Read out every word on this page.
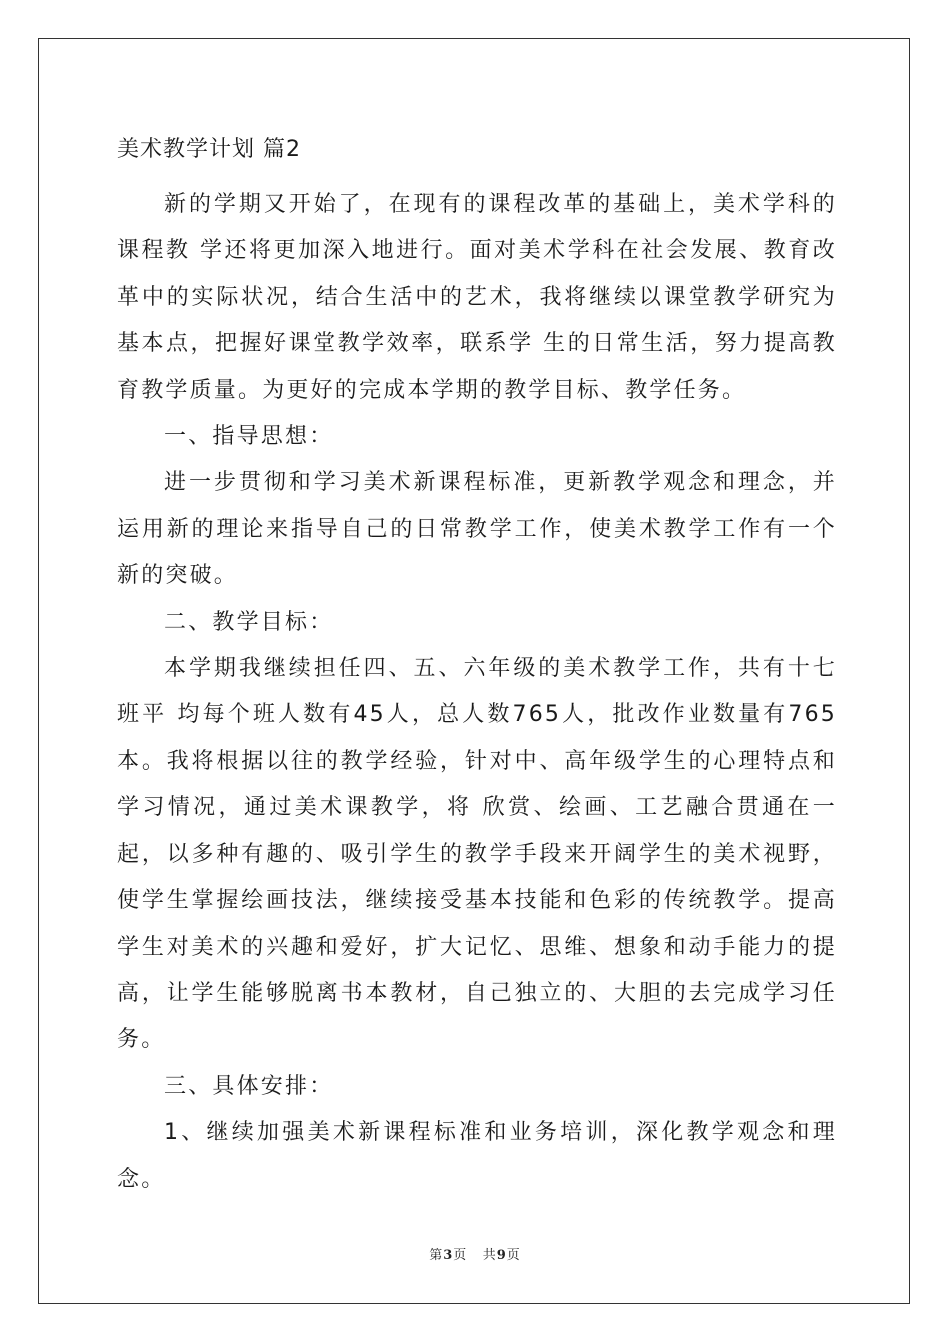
美术教学计划 篇2

新的学期又开始了，在现有的课程改革的基础上，美术学科的课程教 学还将更加深入地进行。面对美术学科在社会发展、教育改革中的实际状况，结合生活中的艺术，我将继续以课堂教学研究为基本点，把握好课堂教学效率，联系学 生的日常生活，努力提高教育教学质量。为更好的完成本学期的教学目标、教学任务。

一、指导思想：

进一步贯彻和学习美术新课程标准，更新教学观念和理念，并运用新的理论来指导自己的日常教学工作，使美术教学工作有一个新的突破。

二、教学目标：

本学期我继续担任四、五、六年级的美术教学工作，共有十七班平 均每个班人数有45人，总人数765人，批改作业数量有765本。我将根据以往的教学经验，针对中、高年级学生的心理特点和学习情况，通过美术课教学，将 欣赏、绘画、工艺融合贯通在一起，以多种有趣的、吸引学生的教学手段来开阔学生的美术视野，使学生掌握绘画技法，继续接受基本技能和色彩的传统教学。提高 学生对美术的兴趣和爱好，扩大记忆、思维、想象和动手能力的提高，让学生能够脱离书本教材，自己独立的、大胆的去完成学习任务。

三、具体安排：

1、继续加强美术新课程标准和业务培训，深化教学观念和理念。

第3页 共9页
